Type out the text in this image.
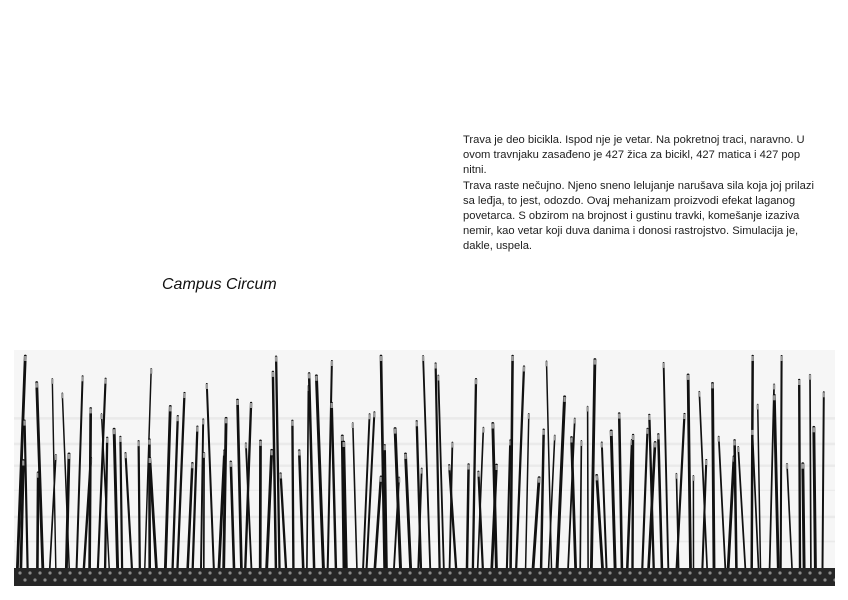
Trava je deo bicikla. Ispod nje je vetar. Na pokretnoj traci, naravno. U ovom travnjaku zasađeno je 427 žica za bicikl, 427 matica i 427 pop nitni.

Trava raste nečujno. Njeno sneno lelujanje narušava sila koja joj prilazi sa leđja, to jest, odozdo. Ovaj mehanizam proizvodi efekat laganog povetarca. S obzirom na brojnost i gustinu travki, komešanje izaziva nemir, kao vetar koji duva danima i donosi rastrojstvo. Simulacija je, dakle, uspela.

Campus Circum
